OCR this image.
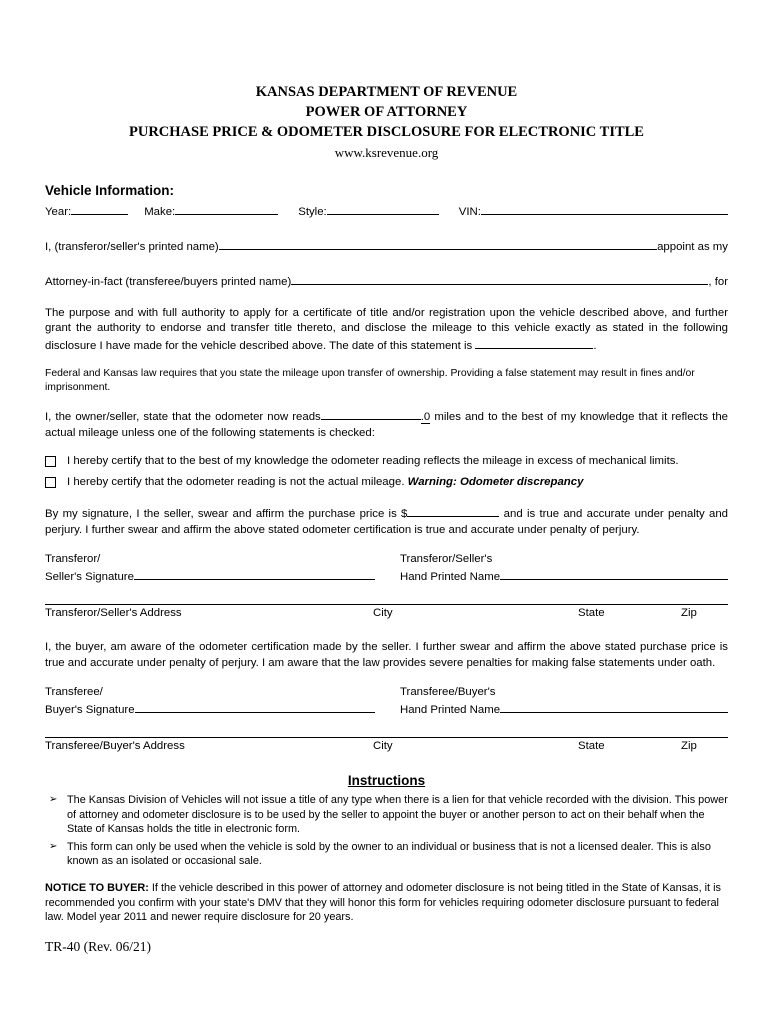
KANSAS DEPARTMENT OF REVENUE
POWER OF ATTORNEY
PURCHASE PRICE & ODOMETER DISCLOSURE FOR ELECTRONIC TITLE
www.ksrevenue.org
Vehicle Information:
Year:	Make:	Style:	VIN:
I, (transferor/seller's printed name)	appoint as my
Attorney-in-fact (transferee/buyers printed name)	, for

The purpose and with full authority to apply for a certificate of title and/or registration upon the vehicle described above, and further grant the authority to endorse and transfer title thereto, and disclose the mileage to this vehicle exactly as stated in the following disclosure I have made for the vehicle described above. The date of this statement is	.

Federal and Kansas law requires that you state the mileage upon transfer of ownership. Providing a false statement may result in fines and/or imprisonment.

I, the owner/seller, state that the odometer now reads	.0 miles and to the best of my knowledge that it reflects the actual mileage unless one of the following statements is checked:

I hereby certify that to the best of my knowledge the odometer reading reflects the mileage in excess of mechanical limits.
I hereby certify that the odometer reading is not the actual mileage. Warning: Odometer discrepancy

By my signature, I the seller, swear and affirm the purchase price is $	and is true and accurate under penalty and perjury. I further swear and affirm the above stated odometer certification is true and accurate under penalty of perjury.

Transferor/
Seller's Signature
Transferor/Seller's
Hand Printed Name
Transferor/Seller's Address	City	State	Zip

I, the buyer, am aware of the odometer certification made by the seller. I further swear and affirm the above stated purchase price is true and accurate under penalty of perjury. I am aware that the law provides severe penalties for making false statements under oath.

Transferee/
Buyer's Signature
Transferee/Buyer's
Hand Printed Name
Transferee/Buyer's Address	City	State	Zip
Instructions
➢ The Kansas Division of Vehicles will not issue a title of any type when there is a lien for that vehicle recorded with the division. This power of attorney and odometer disclosure is to be used by the seller to appoint the buyer or another person to act on their behalf when the State of Kansas holds the title in electronic form.
➢ This form can only be used when the vehicle is sold by the owner to an individual or business that is not a licensed dealer. This is also known as an isolated or occasional sale.

NOTICE TO BUYER: If the vehicle described in this power of attorney and odometer disclosure is not being titled in the State of Kansas, it is recommended you confirm with your state's DMV that they will honor this form for vehicles requiring odometer disclosure pursuant to federal law. Model year 2011 and newer require disclosure for 20 years.

TR-40 (Rev. 06/21)
